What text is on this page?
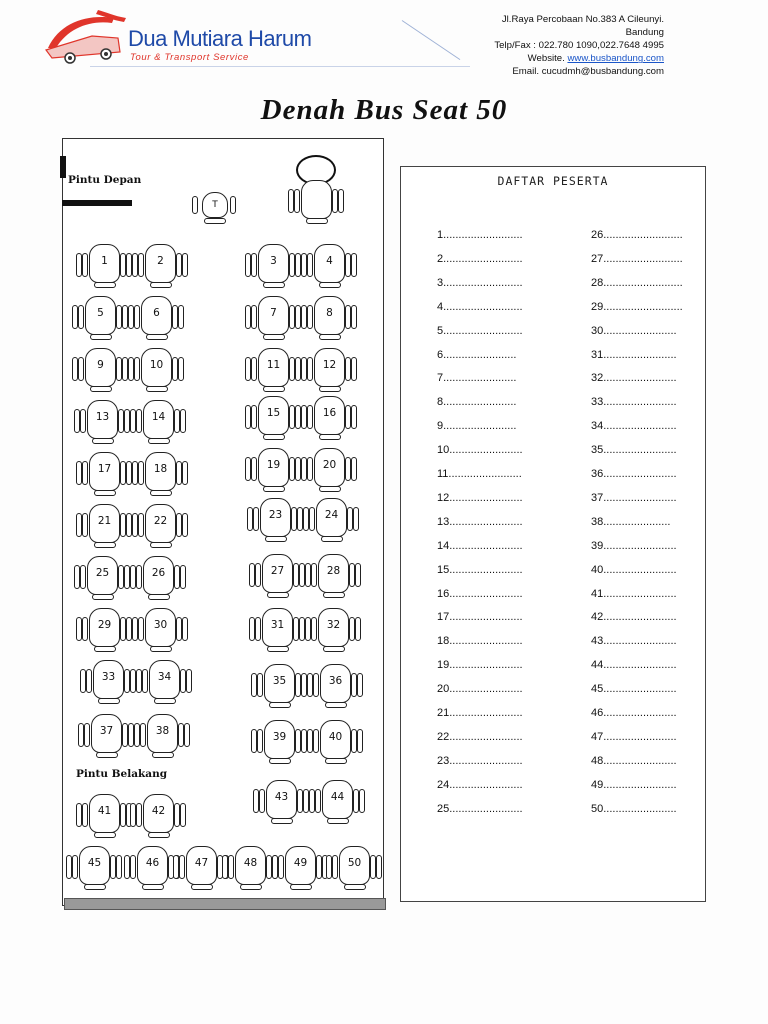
Dua Mutiara Harum
Tour & Transport Service
Jl.Raya Percobaan No.383 A Cileunyi.
Bandung
Telp/Fax : 022.780 1090,022.7648 4995
Website. www.busbandung.com
Email. cucudmh@busbandung.com
Denah Bus Seat 50
Pintu Depan
Pintu Belakang
T
1	2	3	4
5	6	7	8
9	10	11	12
13	14	15	16
17	18	19	20
21	22	23	24
25	26	27	28
29	30	31	32
33	34	35	36
37	38	39	40
41	42
43	44
45	46	47	48	49	50
DAFTAR PESERTA
1..........................
2..........................
3..........................
4..........................
5..........................
6........................
7........................
8........................
9........................
10........................
11........................
12........................
13........................
14........................
15........................
16........................
17........................
18........................
19........................
20........................
21........................
22........................
23........................
24........................
25........................
26..........................
27..........................
28..........................
29..........................
30........................
31........................
32........................
33........................
34........................
35........................
36........................
37........................
38......................
39........................
40........................
41........................
42........................
43........................
44........................
45........................
46........................
47........................
48........................
49........................
50........................
